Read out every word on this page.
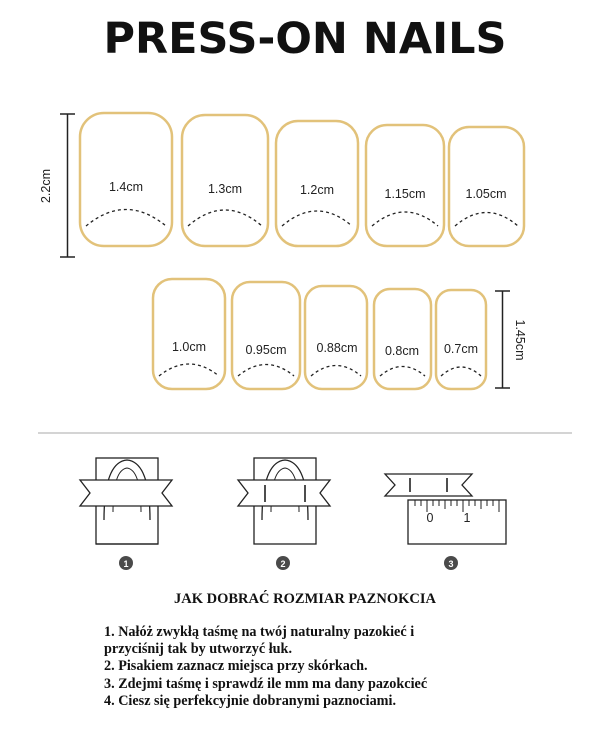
PRESS-ON NAILS
2.2cm	1.4cm	1.3cm	1.2cm	1.15cm	1.05cm
1.0cm	0.95cm 0.88cm 0.8cm 0.7cm	1.45cm
0 1
1	2	3
JAK DOBRAĆ ROZMIAR PAZNOKCIA
1. Nałóż zwykłą taśmę na twój naturalny pazokieć i
przyciśnij tak by utworzyć łuk.
2. Pisakiem zaznacz miejsca przy skórkach.
3. Zdejmi taśmę i sprawdź ile mm ma dany pazokcieć
4. Ciesz się perfekcyjnie dobranymi paznociami.
